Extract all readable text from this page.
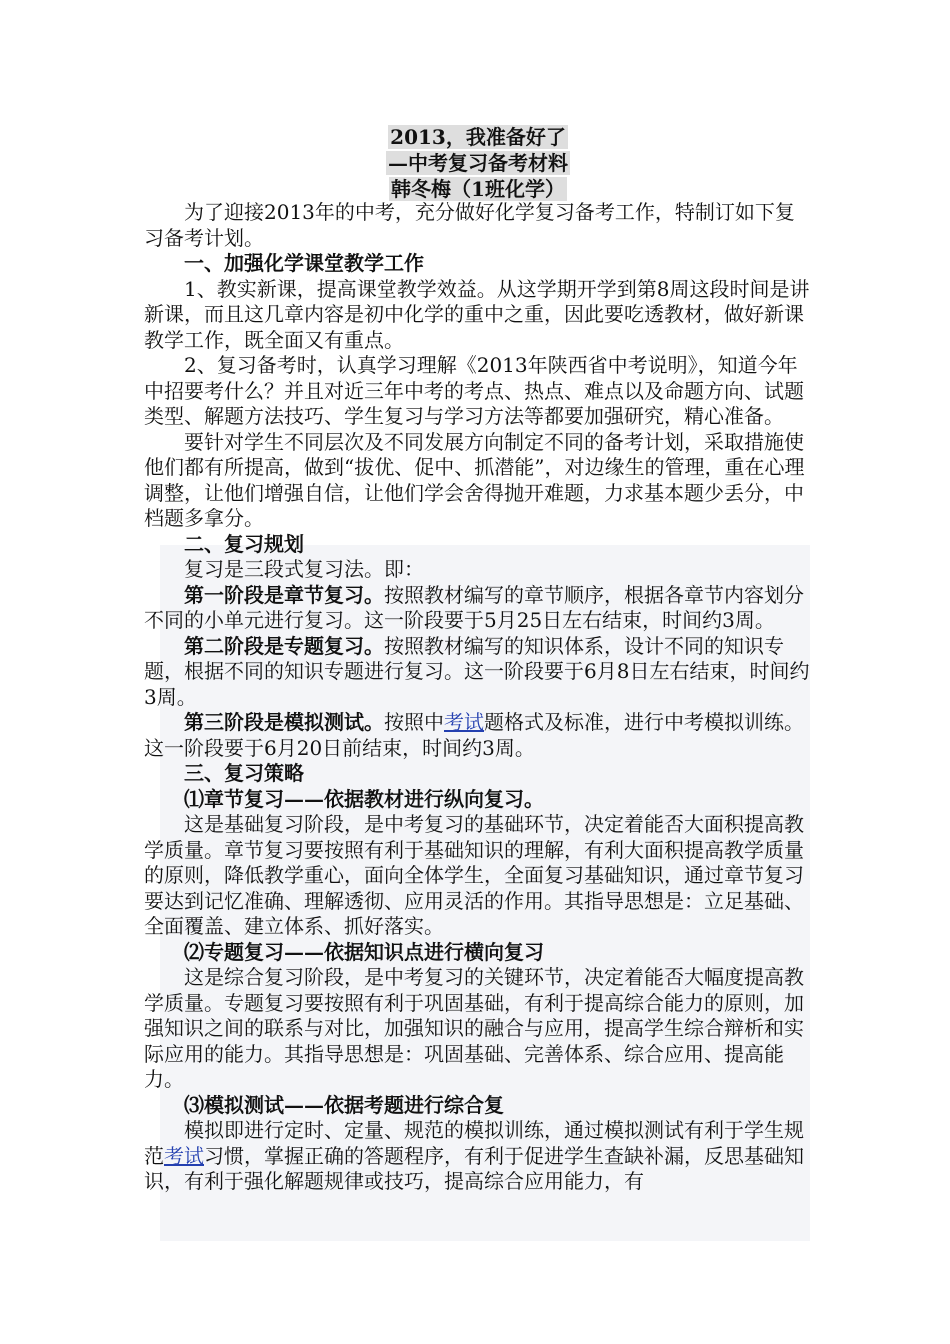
2013，我准备好了
—中考复习备考材料
韩冬梅（1班化学）

为了迎接2013年的中考，充分做好化学复习备考工作，特制订如下复习备考计划。

一、加强化学课堂教学工作

1、教实新课，提高课堂教学效益。从这学期开学到第8周这段时间是讲新课，而且这几章内容是初中化学的重中之重，因此要吃透教材，做好新课教学工作，既全面又有重点。

2、复习备考时，认真学习理解《2013年陕西省中考说明》，知道今年中招要考什么？并且对近三年中考的考点、热点、难点以及命题方向、试题类型、解题方法技巧、学生复习与学习方法等都要加强研究，精心准备。

要针对学生不同层次及不同发展方向制定不同的备考计划，采取措施使他们都有所提高，做到“拔优、促中、抓潜能”，对边缘生的管理，重在心理调整，让他们增强自信，让他们学会舍得抛开难题，力求基本题少丢分，中档题多拿分。

二、复习规划

复习是三段式复习法。即：

第一阶段是章节复习。按照教材编写的章节顺序，根据各章节内容划分不同的小单元进行复习。这一阶段要于5月25日左右结束，时间约3周。

第二阶段是专题复习。按照教材编写的知识体系，设计不同的知识专题，根据不同的知识专题进行复习。这一阶段要于6月8日左右结束，时间约3周。

第三阶段是模拟测试。按照中考试题格式及标准，进行中考模拟训练。这一阶段要于6月20日前结束，时间约3周。

三、复习策略

⑴章节复习——依据教材进行纵向复习。

这是基础复习阶段，是中考复习的基础环节，决定着能否大面积提高教学质量。章节复习要按照有利于基础知识的理解，有利大面积提高教学质量的原则，降低教学重心，面向全体学生，全面复习基础知识，通过章节复习要达到记忆准确、理解透彻、应用灵活的作用。其指导思想是：立足基础、全面覆盖、建立体系、抓好落实。

⑵专题复习——依据知识点进行横向复习

这是综合复习阶段，是中考复习的关键环节，决定着能否大幅度提高教学质量。专题复习要按照有利于巩固基础，有利于提高综合能力的原则，加强知识之间的联系与对比，加强知识的融合与应用，提高学生综合辩析和实际应用的能力。其指导思想是：巩固基础、完善体系、综合应用、提高能力。

⑶模拟测试——依据考题进行综合复

模拟即进行定时、定量、规范的模拟训练，通过模拟测试有利于学生规范考试习惯，掌握正确的答题程序，有利于促进学生查缺补漏，反思基础知识，有利于强化解题规律或技巧，提高综合应用能力，有
